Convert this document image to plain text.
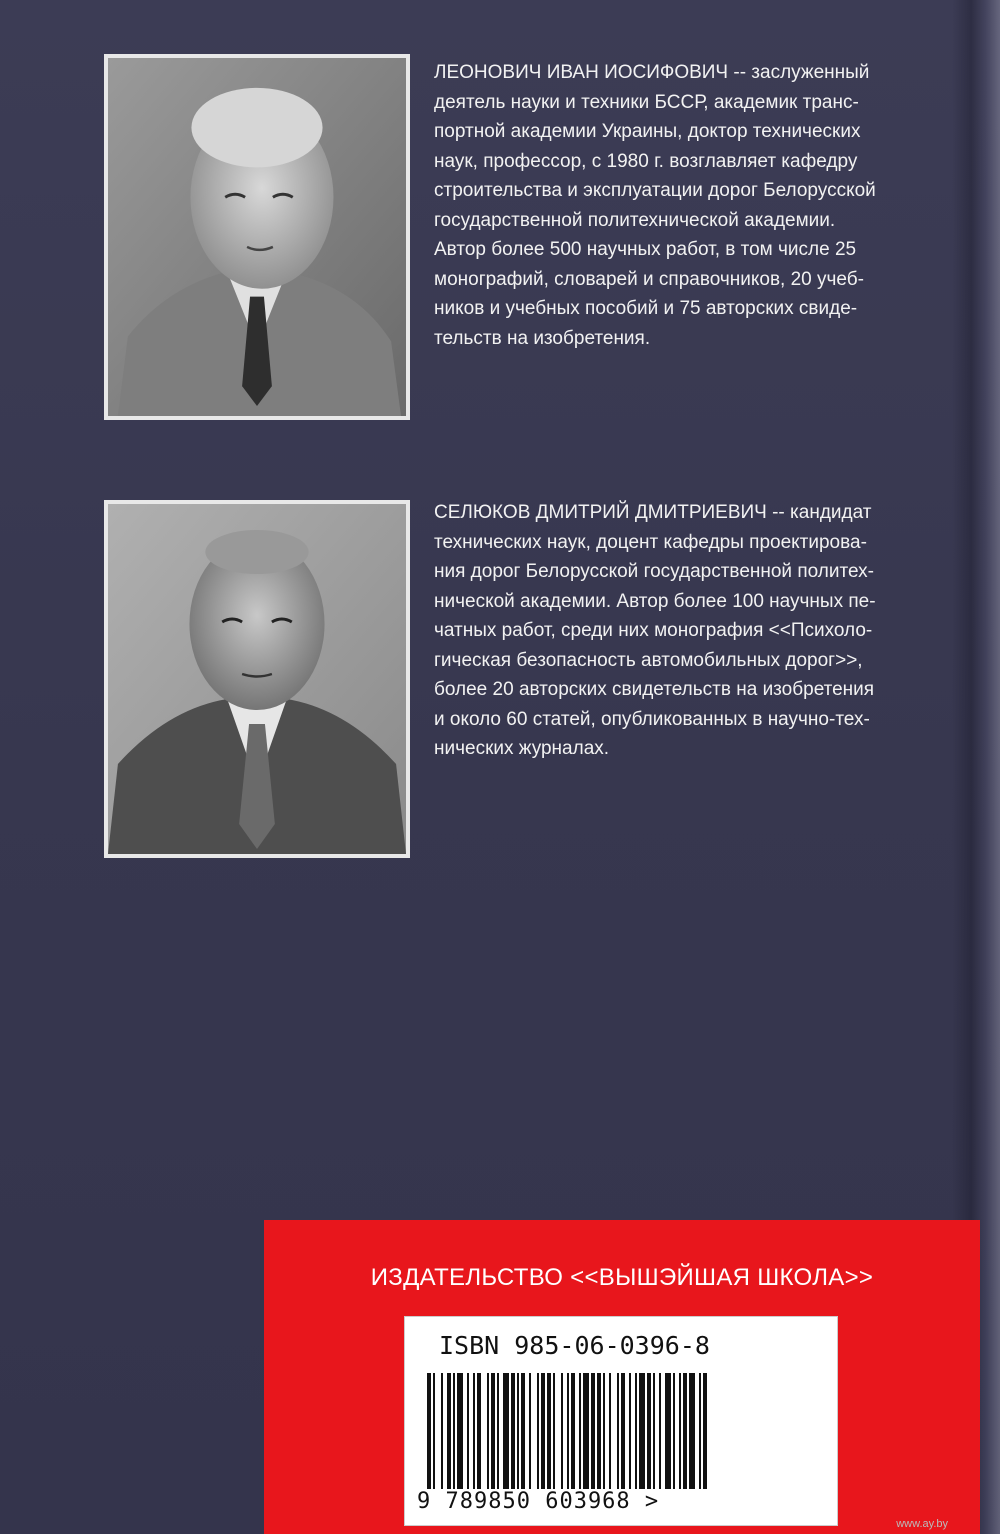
ЛЕОНОВИЧ ИВАН ИОСИФОВИЧ -- заслуженный
деятель науки и техники БССР, академик транс-
портной академии Украины, доктор технических
наук, профессор, с 1980 г. возглавляет кафедру
строительства и эксплуатации дорог Белорусской
государственной политехнической академии.
Автор более 500 научных работ, в том числе 25
монографий, словарей и справочников, 20 учеб-
ников и учебных пособий и 75 авторских свиде-
тельств на изобретения.
СЕЛЮКОВ ДМИТРИЙ ДМИТРИЕВИЧ -- кандидат
технических наук, доцент кафедры проектирова-
ния дорог Белорусской государственной политех-
нической академии. Автор более 100 научных пе-
чатных работ, среди них монография <<Психоло-
гическая безопасность автомобильных дорог>>,
более 20 авторских свидетельств на изобретения
и около 60 статей, опубликованных в научно-тех-
нических журналах.
ИЗДАТЕЛЬСТВО <<ВЫШЭЙШАЯ ШКОЛА>>
ISBN 985-06-0396-8
9 789850 603968 >
www.ay.by
